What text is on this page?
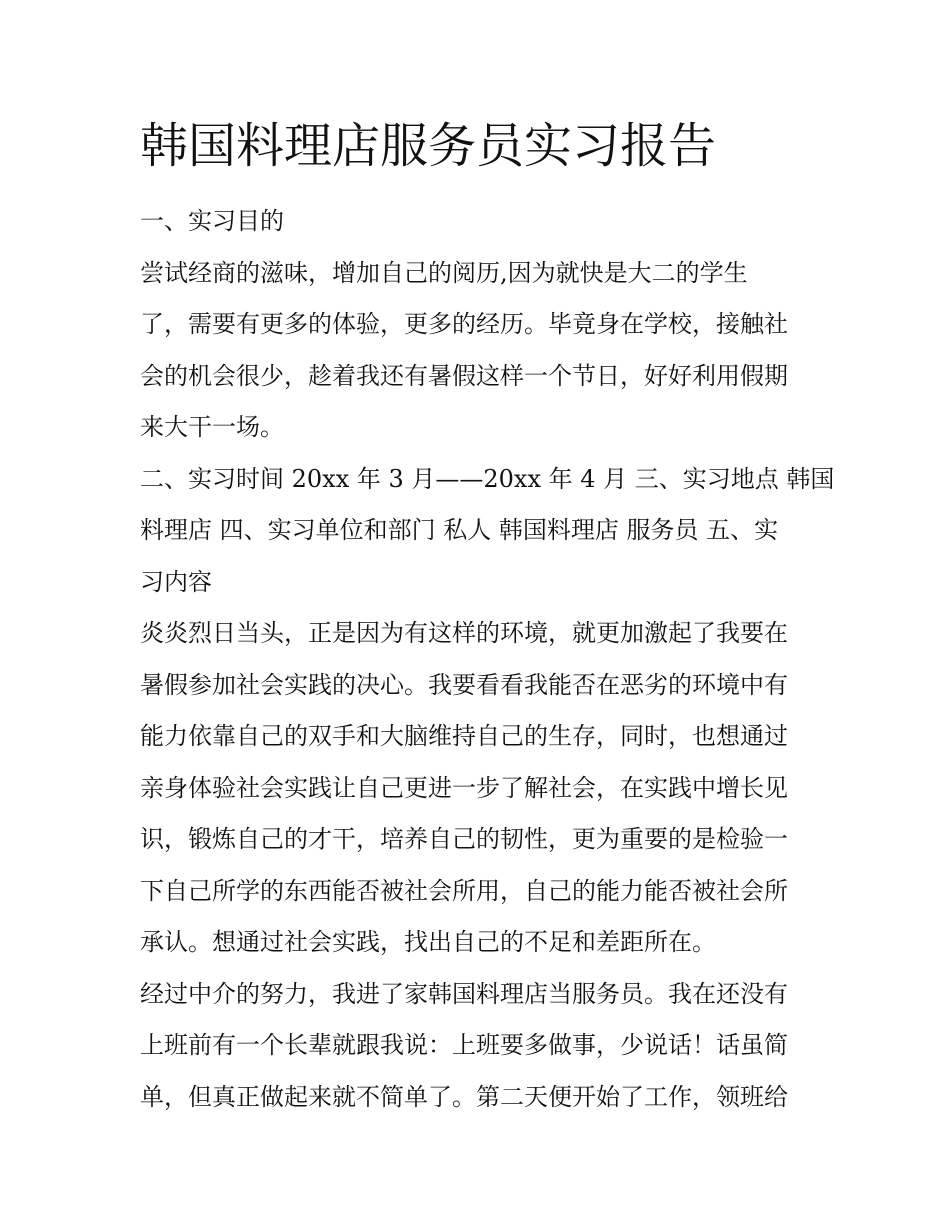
韩国料理店服务员实习报告
一、实习目的
尝试经商的滋味，增加自己的阅历,因为就快是大二的学生
了，需要有更多的体验，更多的经历。毕竟身在学校，接触社
会的机会很少，趁着我还有暑假这样一个节日，好好利用假期
来大干一场。
二、实习时间 20xx 年 3 月——20xx 年 4 月 三、实习地点 韩国
料理店 四、实习单位和部门 私人 韩国料理店 服务员 五、实
习内容
炎炎烈日当头，正是因为有这样的环境，就更加激起了我要在
暑假参加社会实践的决心。我要看看我能否在恶劣的环境中有
能力依靠自己的双手和大脑维持自己的生存，同时，也想通过
亲身体验社会实践让自己更进一步了解社会，在实践中增长见
识，锻炼自己的才干，培养自己的韧性，更为重要的是检验一
下自己所学的东西能否被社会所用，自己的能力能否被社会所
承认。想通过社会实践，找出自己的不足和差距所在。
经过中介的努力，我进了家韩国料理店当服务员。我在还没有
上班前有一个长辈就跟我说：上班要多做事，少说话！话虽简
单，但真正做起来就不简单了。第二天便开始了工作，领班给
